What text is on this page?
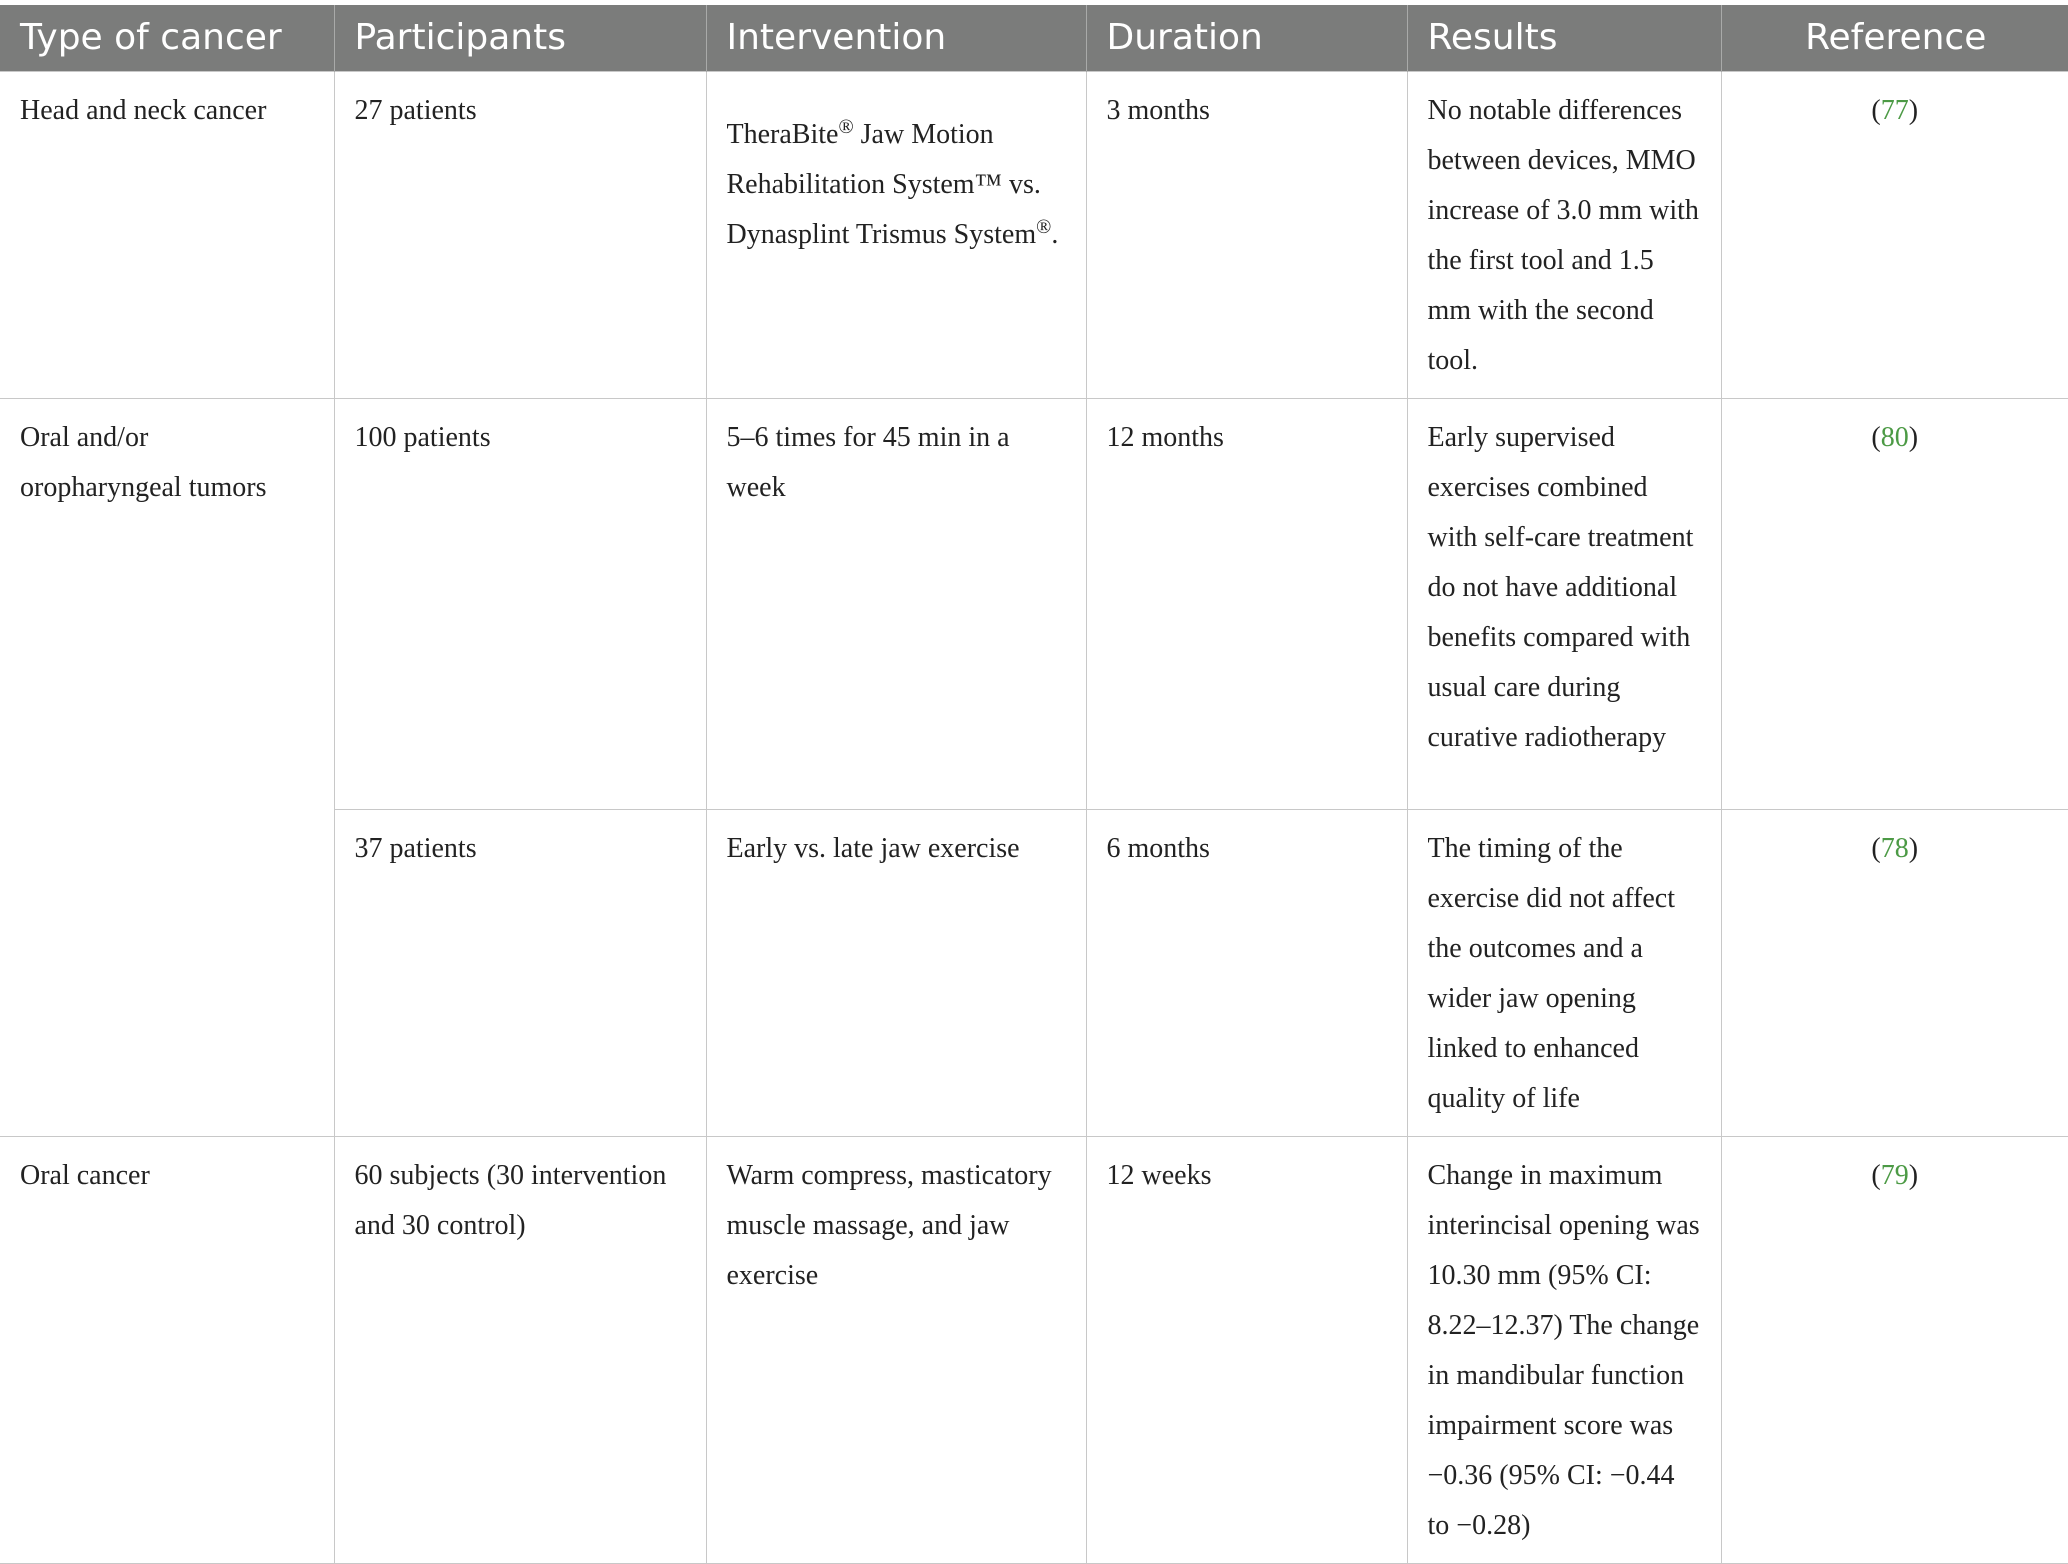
Type of cancer	Participants	Intervention	Duration	Results	Reference
Head and neck cancer	27 patients	TheraBite® Jaw Motion Rehabilitation System™ vs. Dynasplint Trismus System®.	3 months	No notable differences between devices, MMO increase of 3.0 mm with the first tool and 1.5 mm with the second tool.	(77)
Oral and/or oropharyngeal tumors	100 patients	5–6 times for 45 min in a week	12 months	Early supervised exercises combined with self-care treatment do not have additional benefits compared with usual care during curative radiotherapy	(80)
	37 patients	Early vs. late jaw exercise	6 months	The timing of the exercise did not affect the outcomes and a wider jaw opening linked to enhanced quality of life	(78)
Oral cancer	60 subjects (30 intervention and 30 control)	Warm compress, masticatory muscle massage, and jaw exercise	12 weeks	Change in maximum interincisal opening was 10.30 mm (95% CI: 8.22–12.37) The change in mandibular function impairment score was −0.36 (95% CI: −0.44 to −0.28)	(79)
